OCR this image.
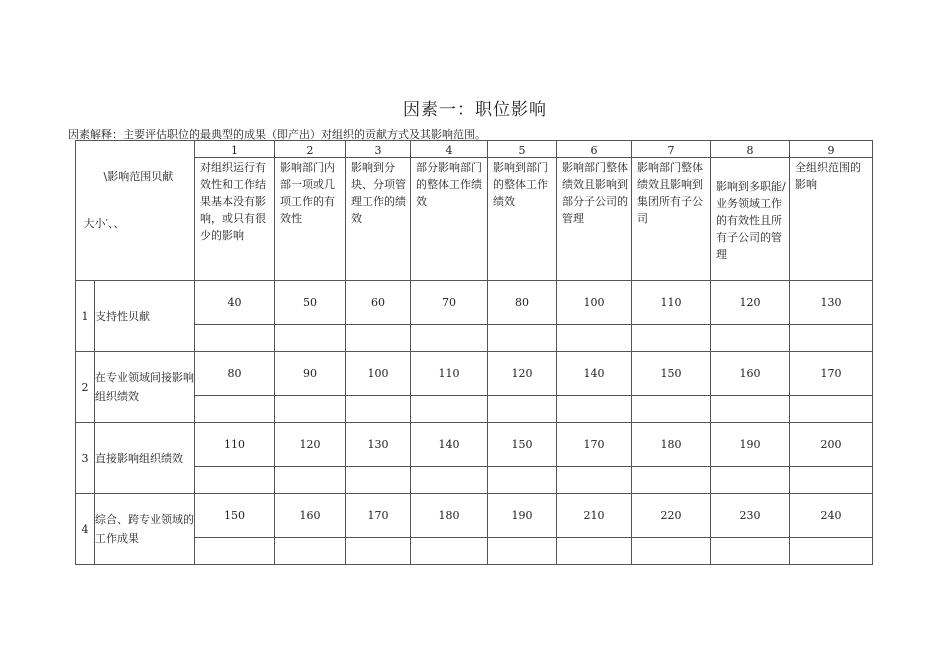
因素一：职位影响
因素解释：主要评估职位的最典型的成果（即产出）对组织的贡献方式及其影响范围。
\影响范围贝献
大小′、、		1	2	3	4	5	6	7	8	9
		对组织运行有效性和工作结果基本没有影响，或只有很少的影响	影响部门内部一项或几项工作的有效性	影响到分块、分项管理工作的绩效	部分影响部门的整体工作绩效	影响到部门的整体工作绩效	影响部门整体绩效且影响到部分子公司的管理	影响部门整体绩效且影响到集团所有子公司	影响到多职能/业务领域工作的有效性且所有子公司的管理	全组织范围的影响
1	支持性贝献	40	50	60	70	80	100	110	120	130

2	在专业领域间接影响组织绩效	80	90	100	110	120	140	150	160	170

3	直接影响组织绩效	110	120	130	140	150	170	180	190	200

4	综合、跨专业领域的工作成果	150	160	170	180	190	210	220	230	240
